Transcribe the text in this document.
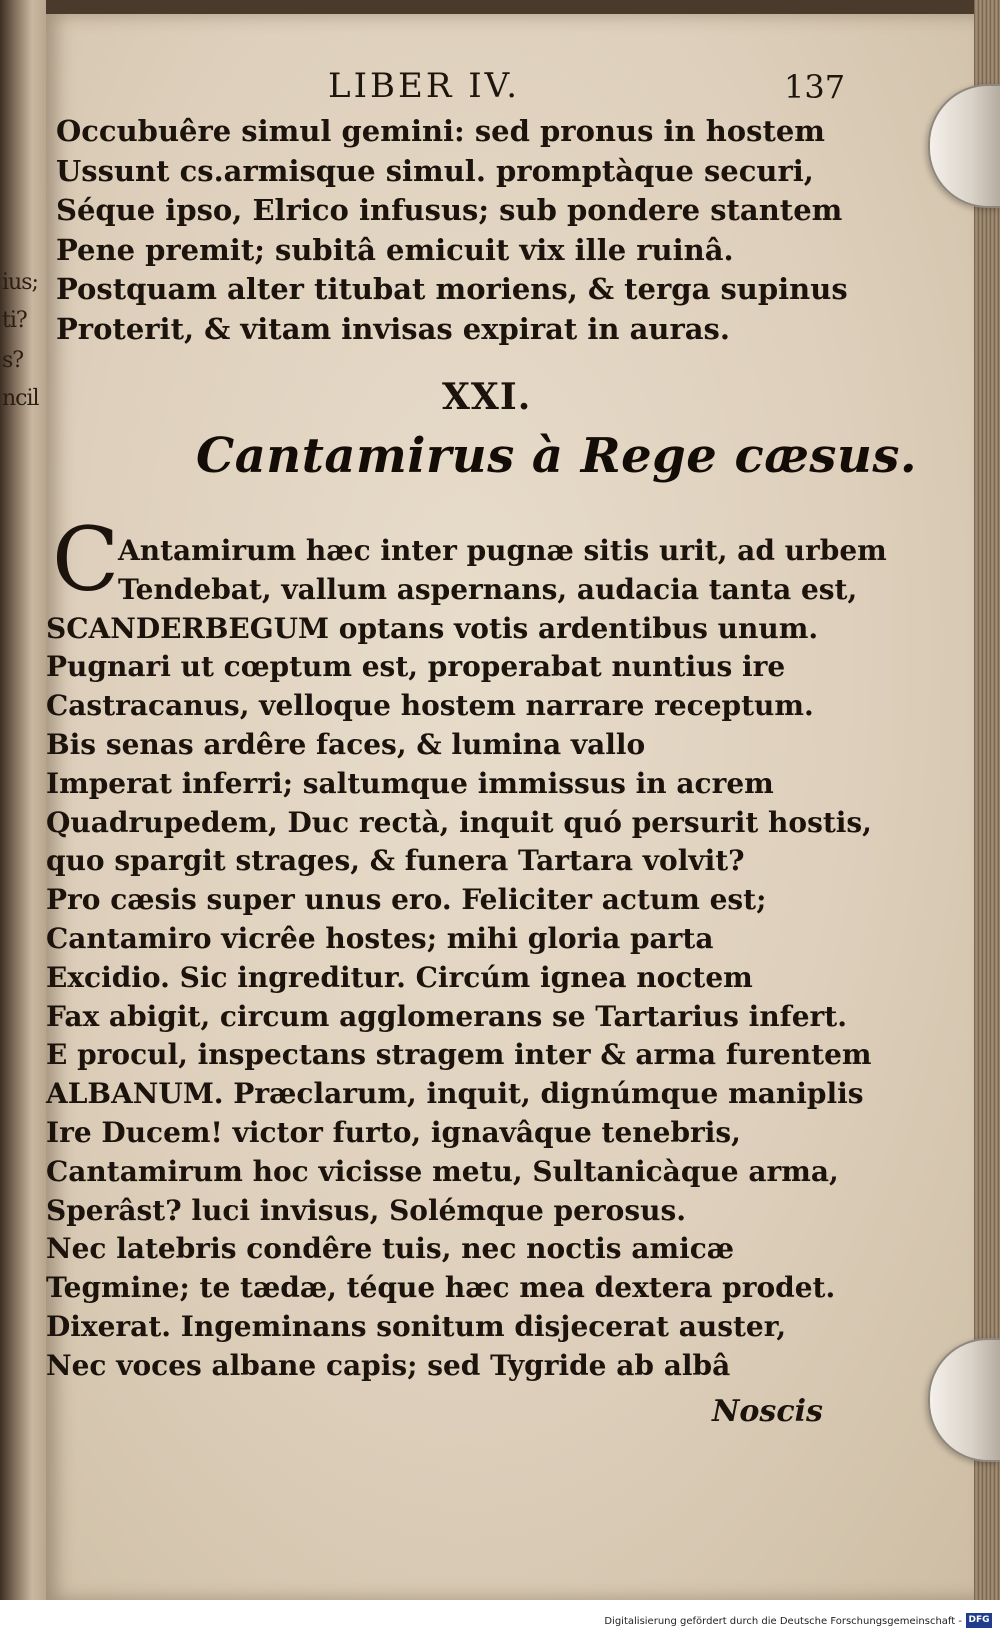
ius;
ti?
s?
ncil
LIBER IV.	137
Occubuêre simul gemini: sed pronus in hostem
Ussunt cs.armisque simul. promptàque securi,
Séque ipso, Elrico infusus; sub pondere stantem
Pene premit; subitâ emicuit vix ille ruinâ.
Postquam alter titubat moriens, & terga supinus
Proterit, & vitam invisas expirat in auras.
XXI.
Cantamirus à Rege cæsus.
C
Antamirum hæc inter pugnæ sitis urit, ad urbem
Tendebat, vallum aspernans, audacia tanta est,
SCANDERBEGUM optans votis ardentibus unum.
Pugnari ut cœptum est, properabat nuntius ire
Castracanus, velloque hostem narrare receptum.
Bis senas ardêre faces, & lumina vallo
Imperat inferri; saltumque immissus in acrem
Quadrupedem, Duc rectà, inquit quó persurit hostis,
quo spargit strages, & funera Tartara volvit?
Pro cæsis super unus ero. Feliciter actum est;
Cantamiro vicrêe hostes; mihi gloria parta
Excidio. Sic ingreditur. Circúm ignea noctem
Fax abigit, circum agglomerans se Tartarius infert.
E procul, inspectans stragem inter & arma furentem
ALBANUM. Præclarum, inquit, dignúmque maniplis
Ire Ducem! victor furto, ignavâque tenebris,
Cantamirum hoc vicisse metu, Sultanicàque arma,
Sperâst? luci invisus, Solémque perosus.
Nec latebris condêre tuis, nec noctis amicæ
Tegmine; te tædæ, téque hæc mea dextera prodet.
Dixerat. Ingeminans sonitum disjecerat auster,
Nec voces albane capis; sed Tygride ab albâ
Noscis
Digitalisierung gefördert durch die Deutsche Forschungsgemeinschaft - DFG
